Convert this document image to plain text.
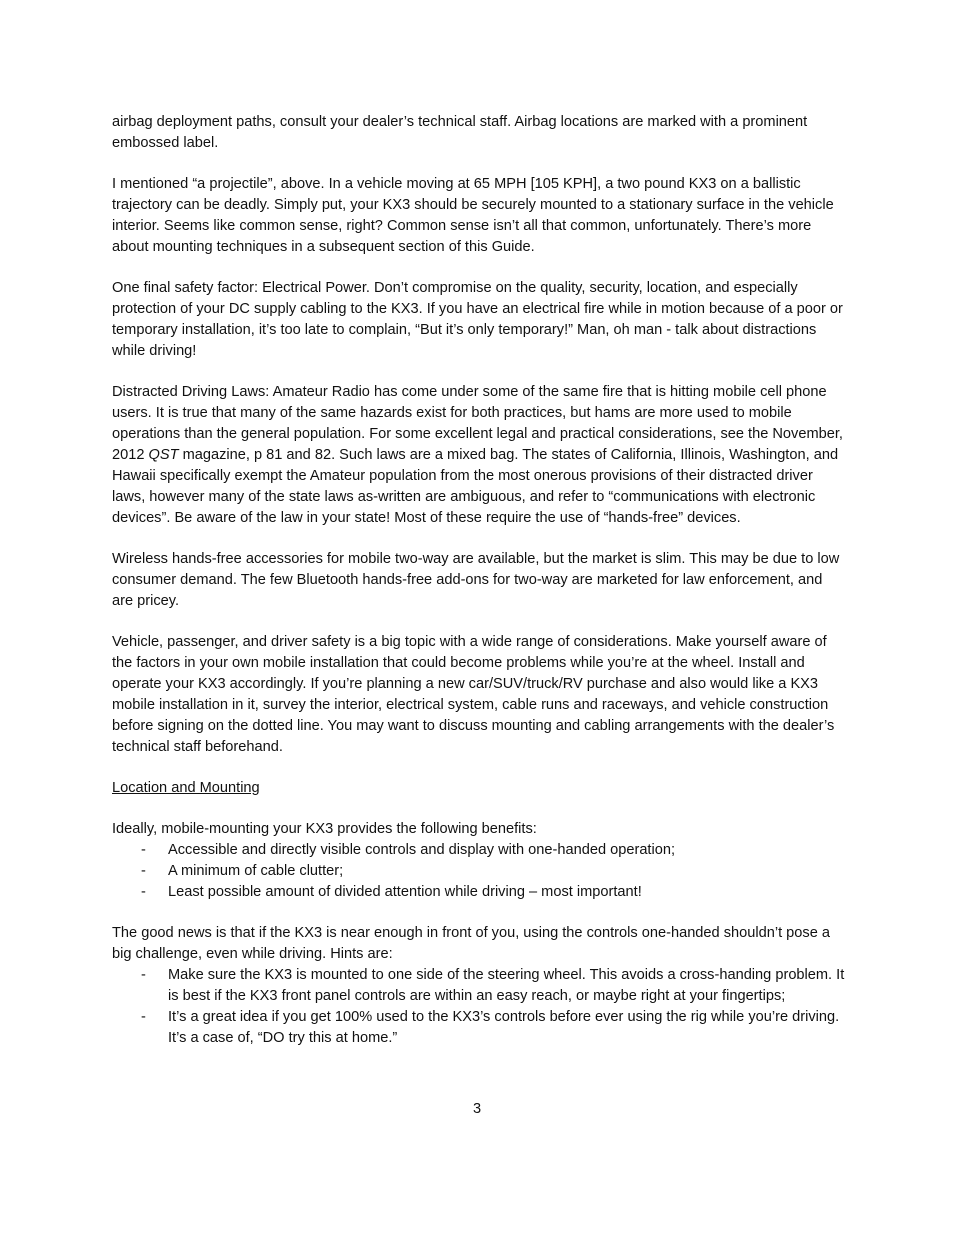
airbag deployment paths, consult your dealer’s technical staff. Airbag locations are marked with a prominent embossed label.

I mentioned “a projectile”, above. In a vehicle moving at 65 MPH [105 KPH], a two pound KX3 on a ballistic trajectory can be deadly. Simply put, your KX3 should be securely mounted to a stationary surface in the vehicle interior. Seems like common sense, right? Common sense isn’t all that common, unfortunately. There’s more about mounting techniques in a subsequent section of this Guide.

One final safety factor: Electrical Power. Don’t compromise on the quality, security, location, and especially protection of your DC supply cabling to the KX3. If you have an electrical fire while in motion because of a poor or temporary installation, it’s too late to complain, “But it’s only temporary!” Man, oh man - talk about distractions while driving!

Distracted Driving Laws: Amateur Radio has come under some of the same fire that is hitting mobile cell phone users. It is true that many of the same hazards exist for both practices, but hams are more used to mobile operations than the general population. For some excellent legal and practical considerations, see the November, 2012 QST magazine, p 81 and 82. Such laws are a mixed bag. The states of California, Illinois, Washington, and Hawaii specifically exempt the Amateur population from the most onerous provisions of their distracted driver laws, however many of the state laws as-written are ambiguous, and refer to “communications with electronic devices”. Be aware of the law in your state! Most of these require the use of “hands-free” devices.

Wireless hands-free accessories for mobile two-way are available, but the market is slim. This may be due to low consumer demand. The few Bluetooth hands-free add-ons for two-way are marketed for law enforcement, and are pricey.

Vehicle, passenger, and driver safety is a big topic with a wide range of considerations. Make yourself aware of the factors in your own mobile installation that could become problems while you’re at the wheel. Install and operate your KX3 accordingly. If you’re planning a new car/SUV/truck/RV purchase and also would like a KX3 mobile installation in it, survey the interior, electrical system, cable runs and raceways, and vehicle construction before signing on the dotted line. You may want to discuss mounting and cabling arrangements with the dealer’s technical staff beforehand.

Location and Mounting

Ideally, mobile-mounting your KX3 provides the following benefits:

- Accessible and directly visible controls and display with one-handed operation;
- A minimum of cable clutter;
- Least possible amount of divided attention while driving – most important!

The good news is that if the KX3 is near enough in front of you, using the controls one-handed shouldn’t pose a big challenge, even while driving. Hints are:

- Make sure the KX3 is mounted to one side of the steering wheel. This avoids a cross-handing problem. It is best if the KX3 front panel controls are within an easy reach, or maybe right at your fingertips;
- It’s a great idea if you get 100% used to the KX3’s controls before ever using the rig while you’re driving. It’s a case of, “DO try this at home.”
3
